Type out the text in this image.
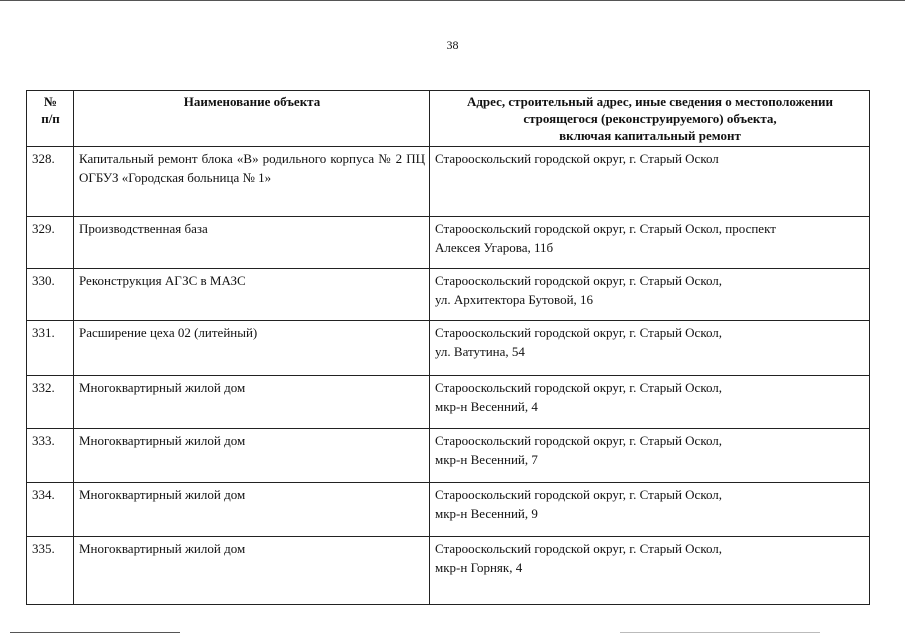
38
№
п/п	Наименование объекта	Адрес, строительный адрес, иные сведения о местоположении
строящегося (реконструируемого) объекта,
включая капитальный ремонт

328.	Капитальный ремонт блока «В» родильного корпуса № 2 ПЦ ОГБУЗ «Городская больница № 1»	Старооскольский городской округ, г. Старый Оскол

329.	Производственная база	Старооскольский городской округ, г. Старый Оскол, проспект
Алексея Угарова, 11б

330.	Реконструкция АГЗС в МАЗС	Старооскольский городской округ, г. Старый Оскол,
ул. Архитектора Бутовой, 16

331.	Расширение цеха 02 (литейный)	Старооскольский городской округ, г. Старый Оскол,
ул. Ватутина, 54

332.	Многоквартирный жилой дом	Старооскольский городской округ, г. Старый Оскол,
мкр-н Весенний, 4

333.	Многоквартирный жилой дом	Старооскольский городской округ, г. Старый Оскол,
мкр-н Весенний, 7

334.	Многоквартирный жилой дом	Старооскольский городской округ, г. Старый Оскол,
мкр-н Весенний, 9

335.	Многоквартирный жилой дом	Старооскольский городской округ, г. Старый Оскол,
мкр-н Горняк, 4
